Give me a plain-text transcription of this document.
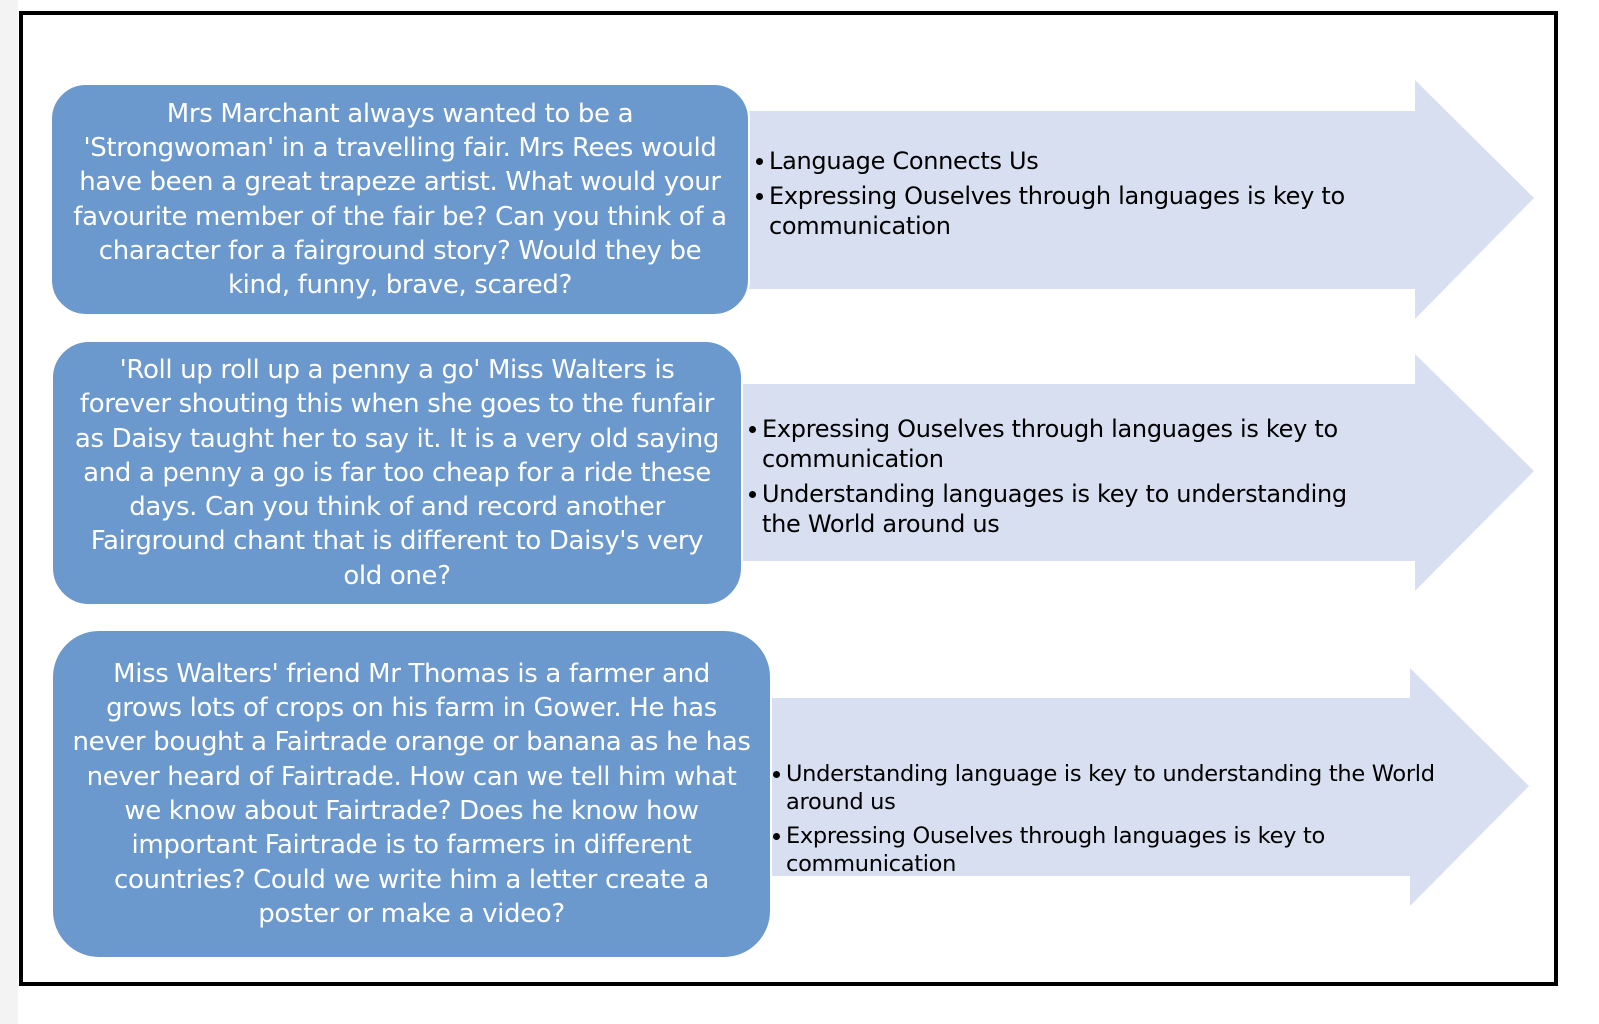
Mrs Marchant always wanted to be a 'Strongwoman' in a travelling fair. Mrs Rees would have been a great trapeze artist. What would your favourite member of the fair be? Can you think of a character for a fairground story? Would they be kind, funny, brave, scared?
Language Connects Us
Expressing Ouselves through languages is key to communication
'Roll up roll up a penny a go' Miss Walters is forever shouting this when she goes to the funfair as Daisy taught her to say it. It is a very old saying and a penny a go is far too cheap for a ride these days. Can you think of and record another Fairground chant that is different to Daisy's very old one?
Expressing Ouselves through languages is key to communication
Understanding languages is key to understanding the World around us
Miss Walters' friend Mr Thomas is a farmer and grows lots of crops on his farm in Gower. He has never bought a Fairtrade orange or banana as he has never heard of Fairtrade. How can we tell him what we know about Fairtrade? Does he know how important Fairtrade is to farmers in different countries? Could we write him a letter create a poster or make a video?
Understanding language is key to understanding the World around us
Expressing Ouselves through languages is key to communication
